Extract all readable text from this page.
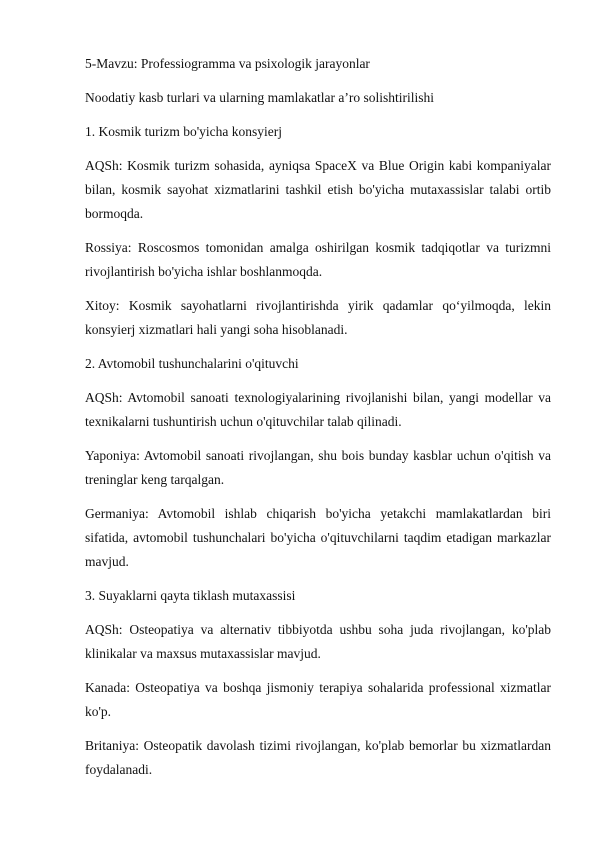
5-Mavzu: Professiogramma va psixologik jarayonlar

Noodatiy kasb turlari va ularning mamlakatlar a’ro solishtirilishi

1. Kosmik turizm bo'yicha konsyierj

AQSh: Kosmik turizm sohasida, ayniqsa SpaceX va Blue Origin kabi kompaniyalar bilan, kosmik sayohat xizmatlarini tashkil etish bo'yicha mutaxassislar talabi ortib bormoqda.

Rossiya: Roscosmos tomonidan amalga oshirilgan kosmik tadqiqotlar va turizmni rivojlantirish bo'yicha ishlar boshlanmoqda.

Xitoy: Kosmik sayohatlarni rivojlantirishda yirik qadamlar qo‘yilmoqda, lekin konsyierj xizmatlari hali yangi soha hisoblanadi.

2. Avtomobil tushunchalarini o'qituvchi

AQSh: Avtomobil sanoati texnologiyalarining rivojlanishi bilan, yangi modellar va texnikalarni tushuntirish uchun o'qituvchilar talab qilinadi.

Yaponiya: Avtomobil sanoati rivojlangan, shu bois bunday kasblar uchun o'qitish va treninglar keng tarqalgan.

Germaniya: Avtomobil ishlab chiqarish bo'yicha yetakchi mamlakatlardan biri sifatida, avtomobil tushunchalari bo'yicha o'qituvchilarni taqdim etadigan markazlar mavjud.

3. Suyaklarni qayta tiklash mutaxassisi

AQSh: Osteopatiya va alternativ tibbiyotda ushbu soha juda rivojlangan, ko'plab klinikalar va maxsus mutaxassislar mavjud.

Kanada: Osteopatiya va boshqa jismoniy terapiya sohalarida professional xizmatlar ko'p.

Britaniya: Osteopatik davolash tizimi rivojlangan, ko'plab bemorlar bu xizmatlardan foydalanadi.
